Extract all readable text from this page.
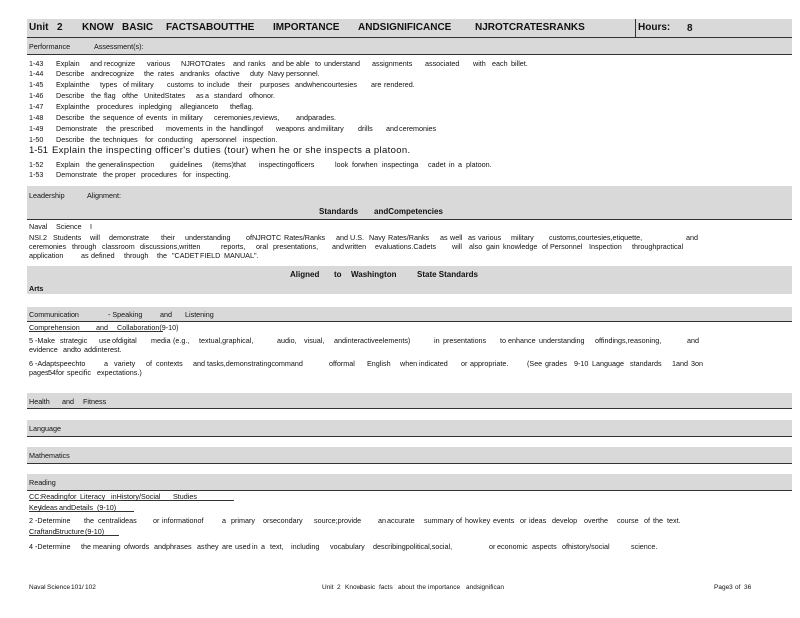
Unit 2 KNOW BASIC FACTSABOUTTHE IMPORTANCE ANDSIGNIFICANCE NJROTCRATESRANKS	Hours: 8
Performance	Assessment(s):
1-43 Explain and recognize various NJROTC
rates and ranks and be able to understand assignments associated with each billet.
1-44 Describe andrecognize the rates andranks ofactive duty Navy personnel.
1-45 Explainthe types of military customs to include their purposes andwhencourtesies are rendered.
1-46 Describe the flag ofthe UnitedStates as a standard ofhonor.
1-47 Explainthe procedures inpledging allegianceto theflag.
1-48 Describe the sequence of events in military ceremonies,reviews, andparades.
1-49 Demonstrate the prescribed movements in the handlingof weapons and military drills and ceremonies
1-50 Describe the techniques for conducting apersonnel inspection.
1-51 Explain the inspecting officer's duties (tour) when he or she inspects a platoon.
1-52 Explain the generalinspection guidelines (items)that inspectingofficers	look forwhen inspectinga cadet in a platoon.
1-53 Demonstrate the proper procedures for inspecting.
Leadership	Alignment:
Standards andCompetencies
Naval Science I
NSI.2 Students will demonstrate their understanding ofNJROTC Rates/Ranks and U.S. Navy Rates/Ranks as well as various military customs,courtesies,etiquette,	and
ceremonies through classroom discussions,written	reports, oral presentations, and written evaluations.Cadets will also gain knowledge of Personnel Inspection throughpractical
application as defined through the "CADET FIELD MANUAL".
Aligned to Washington	State Standards
Arts
Communication	- Speaking and Listening
Comprehension and Collaboration(9-10)
5 -Make strategic use ofdigital media (e.g., textual,graphical,	audio, visual, andinteractiveelements)	in presentations to enhance understanding offindings,reasoning,	and
evidence and to add interest.
6 -Adaptspeechto	a variety of contexts and tasks,demonstratingcommand	offormal English when indicated or appropriate.	(See grades 9-10 Language standards 1and 3on
pages 54for specific expectations.)
Health and Fitness
Language
Mathematics
Reading
CC: Reading for Literacy inHistory/Social Studies
Key
Ideas and Details (9-10)
2 -Determine the centralideas or informationof	a primary orsecondary source;provide an accurate summary of how key events or ideas develop overthe course of the text.
Craftand
Structure (9-10)
4 -Determine the meaning ofwords andphrases as they are used in a text, including vocabulary describingpolitical,social,	or economic aspects ofhistory/social	science.
Naval Science 101/ 102	Unit 2 Know
basic facts about the importance andsignifican	Page3 of 36
